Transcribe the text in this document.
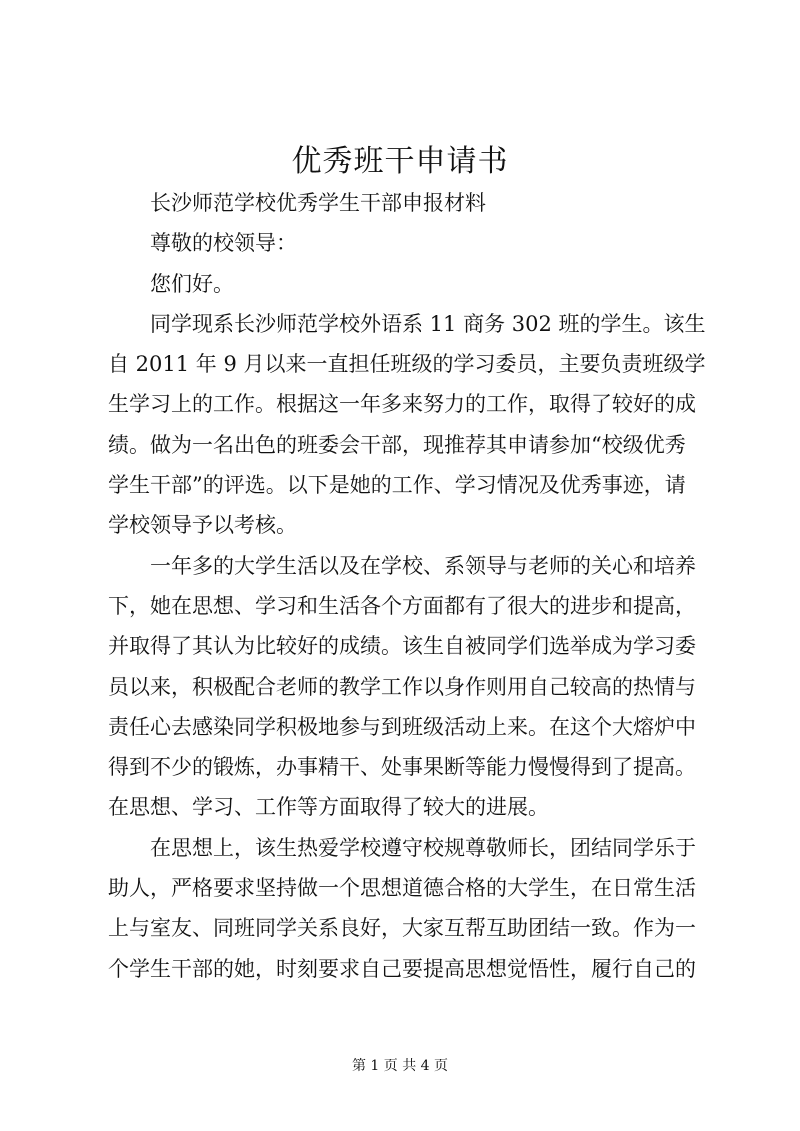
优秀班干申请书
　　长沙师范学校优秀学生干部申报材料
　　尊敬的校领导：
　　您们好。
　　同学现系长沙师范学校外语系 11 商务 302 班的学生。该生
自 2011 年 9 月以来一直担任班级的学习委员，主要负责班级学
生学习上的工作。根据这一年多来努力的工作，取得了较好的成
绩。做为一名出色的班委会干部，现推荐其申请参加“校级优秀
学生干部”的评选。以下是她的工作、学习情况及优秀事迹，请
学校领导予以考核。
　　一年多的大学生活以及在学校、系领导与老师的关心和培养
下，她在思想、学习和生活各个方面都有了很大的进步和提高，
并取得了其认为比较好的成绩。该生自被同学们选举成为学习委
员以来，积极配合老师的教学工作以身作则用自己较高的热情与
责任心去感染同学积极地参与到班级活动上来。在这个大熔炉中
得到不少的锻炼，办事精干、处事果断等能力慢慢得到了提高。
在思想、学习、工作等方面取得了较大的进展。
　　在思想上，该生热爱学校遵守校规尊敬师长，团结同学乐于
助人，严格要求坚持做一个思想道德合格的大学生，在日常生活
上与室友、同班同学关系良好，大家互帮互助团结一致。作为一
个学生干部的她，时刻要求自己要提高思想觉悟性，履行自己的
第 1 页 共 4 页
